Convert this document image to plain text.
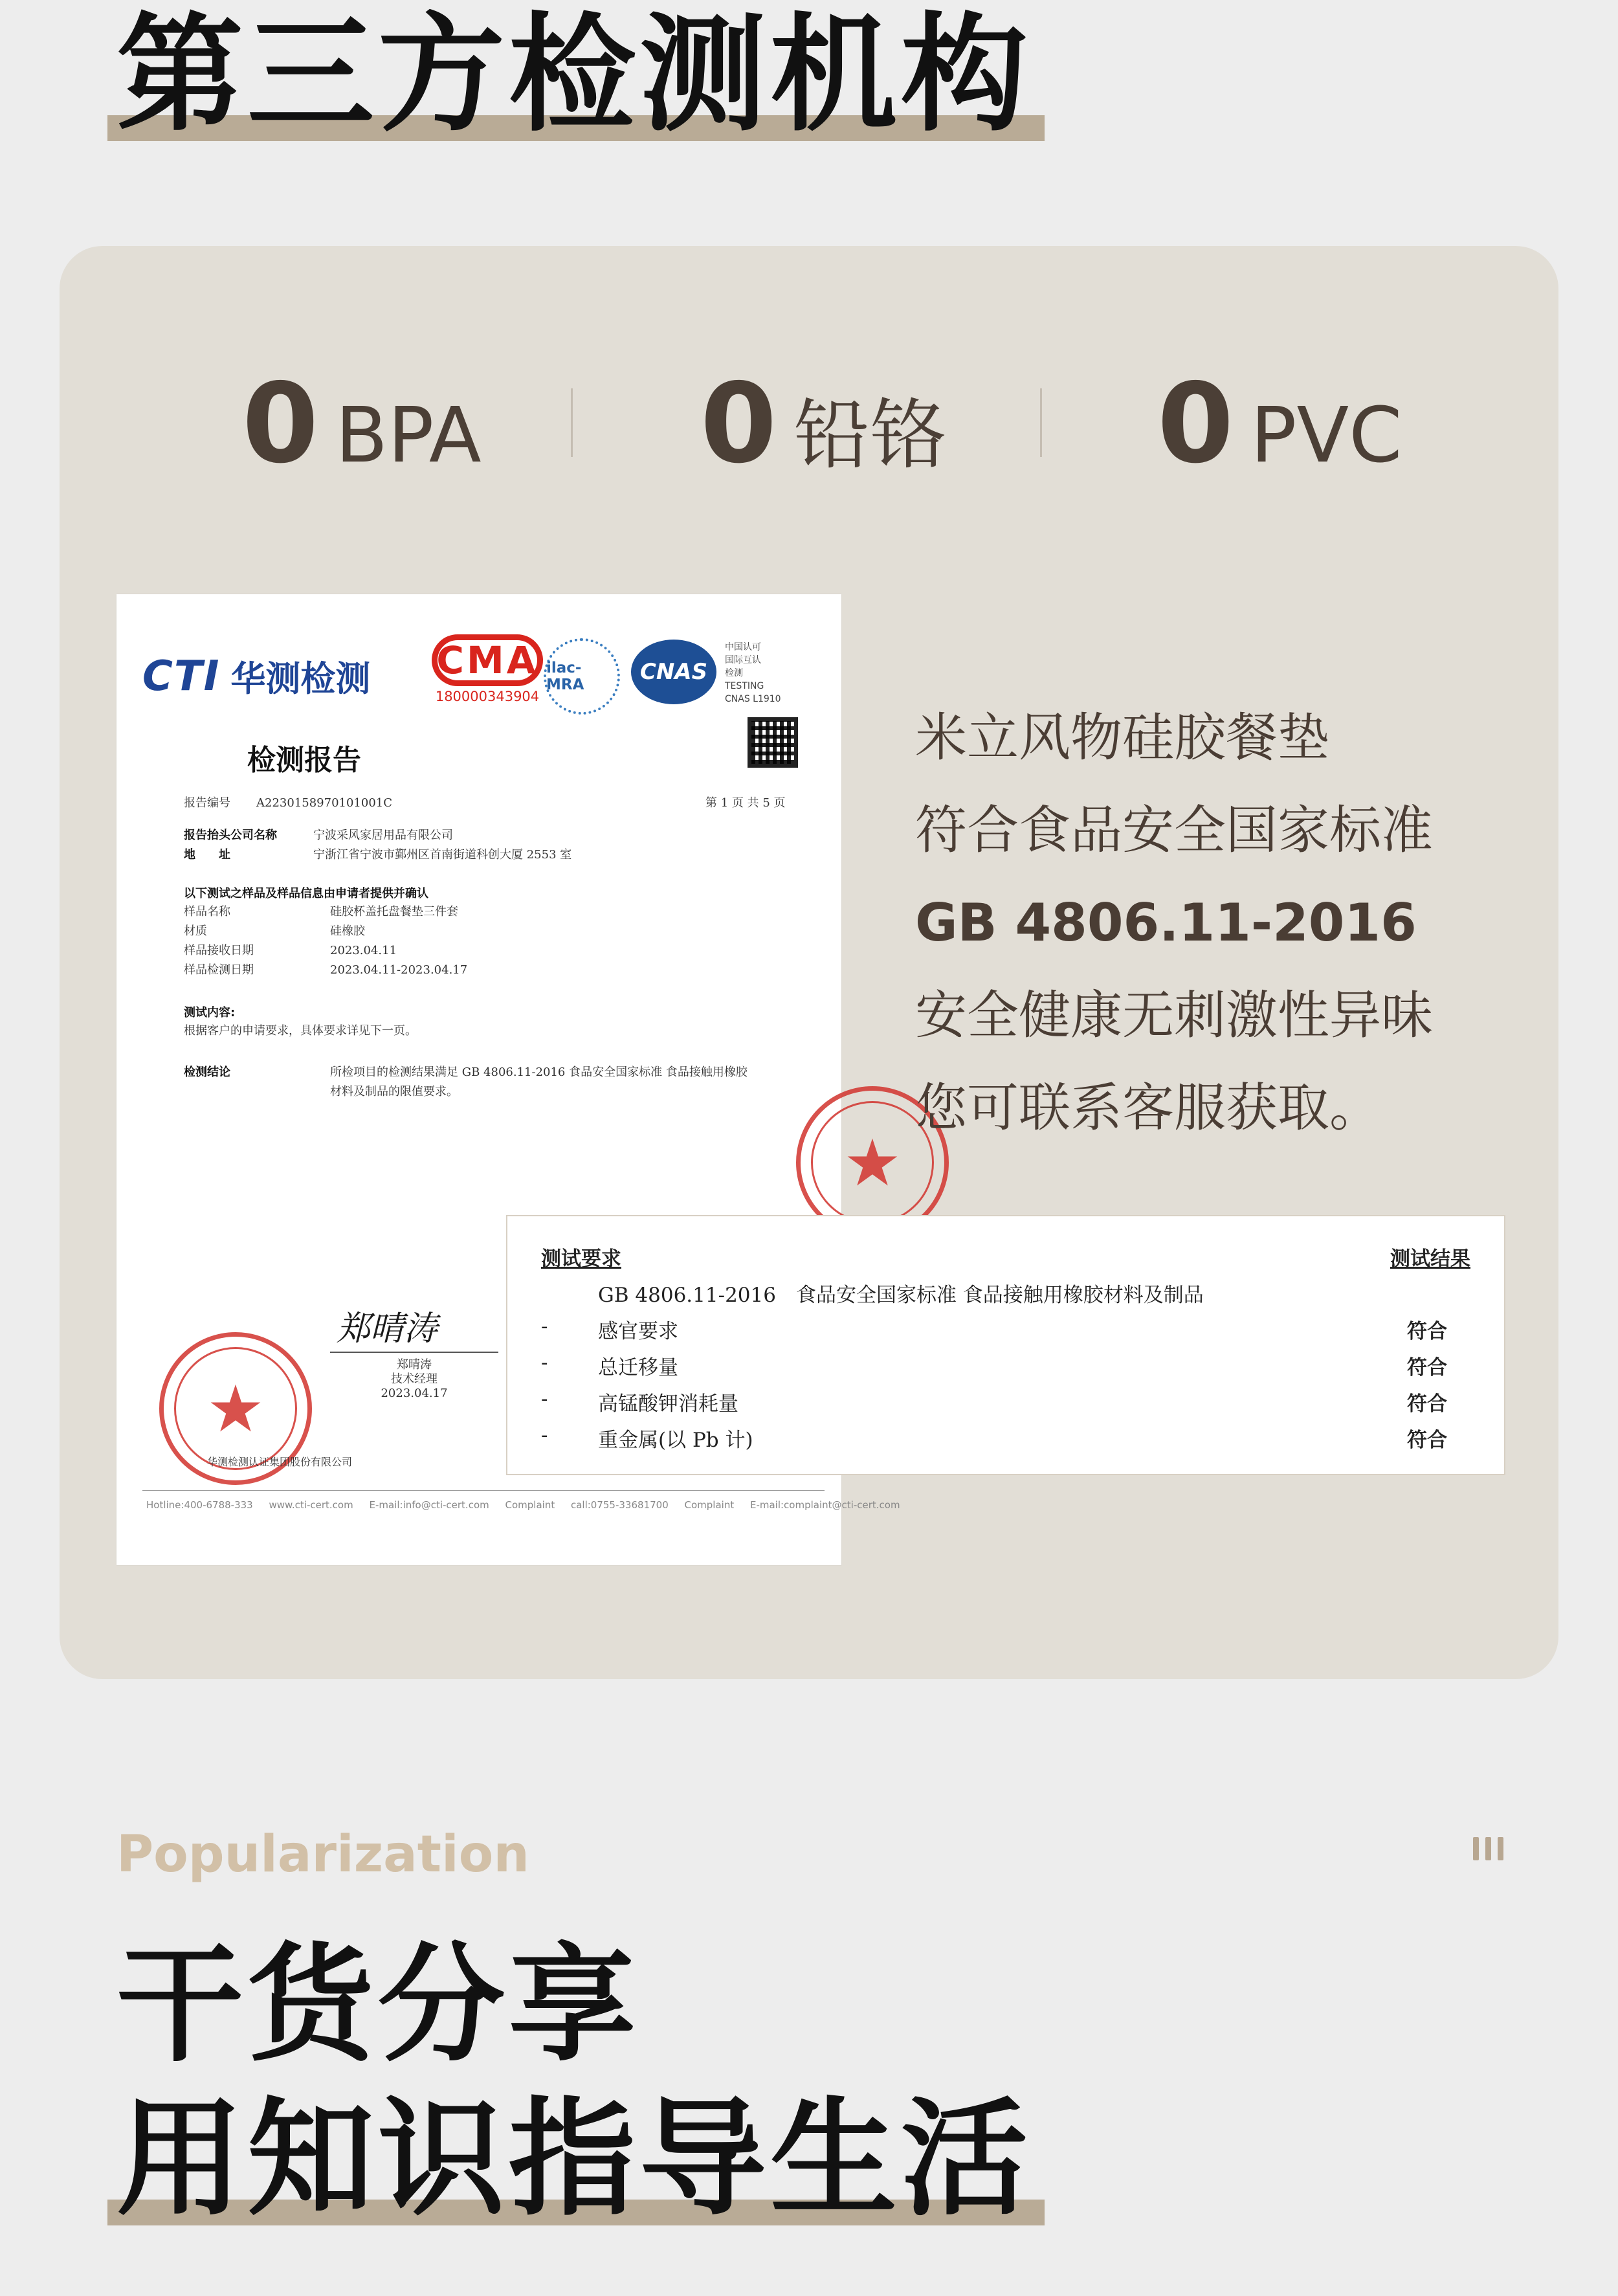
第三方检测机构
0 BPA 0 铅铬 0 PVC
CTI 华测检测 CMA
180000343904
ilac-MRA	CNAS
中国认可
国际互认
检测
TESTING
CNAS L1910
检测报告
报告编号 A2230158970101001C	第 1 页 共 5 页
报告抬头公司名称	宁波采风家居用品有限公司
地　　址	宁浙江省宁波市鄞州区首南街道科创大厦 2553 室
以下测试之样品及样品信息由申请者提供并确认
样品名称	硅胶杯盖托盘餐垫三件套
材质	硅橡胶
样品接收日期	2023.04.11
样品检测日期	2023.04.11-2023.04.17
测试内容:
根据客户的申请要求，具体要求详见下一页。
检测结论	所检项目的检测结果满足 GB 4806.11-2016 食品安全国家标准 食品接触用橡胶
材料及制品的限值要求。
★
★
郑晴涛
郑晴涛
技术经理
2023.04.17
华测检测认证集团股份有限公司
Hotline:400-6788-333 www.cti-cert.com E-mail:info@cti-cert.com Complaint call:0755-33681700 Complaint E-mail:complaint@cti-cert.com
米立风物硅胶餐垫
符合食品安全国家标准
GB 4806.11-2016
安全健康无刺激性异味
您可联系客服获取。
测试要求	测试结果
GB 4806.11-2016　食品安全国家标准 食品接触用橡胶材料及制品
-	感官要求	符合
-	总迁移量	符合
-	高锰酸钾消耗量	符合
-	重金属(以 Pb 计)	符合
Popularization
干货分享
用知识指导生活
